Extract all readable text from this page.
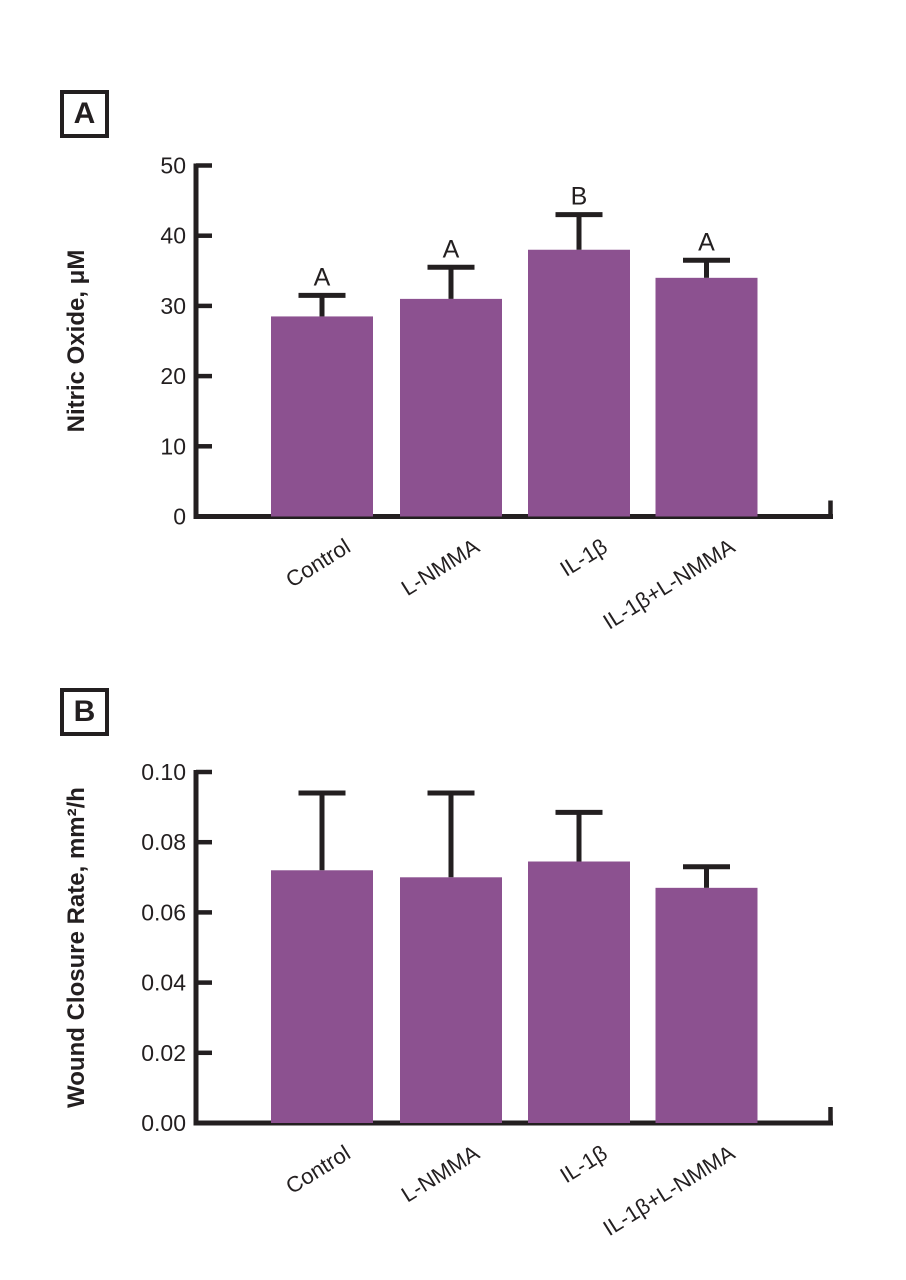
A
B
0
10
20
30
40
50
A
A
B
A
Control L-NMMA	IL-1β
IL-1β+L-NMMA
Nitric Oxide, μM
0.00
0.02
0.04
0.06
0.08
0.10
Control L-NMMA	IL-1β
IL-1β+L-NMMA
Wound Closure Rate, mm²/h
